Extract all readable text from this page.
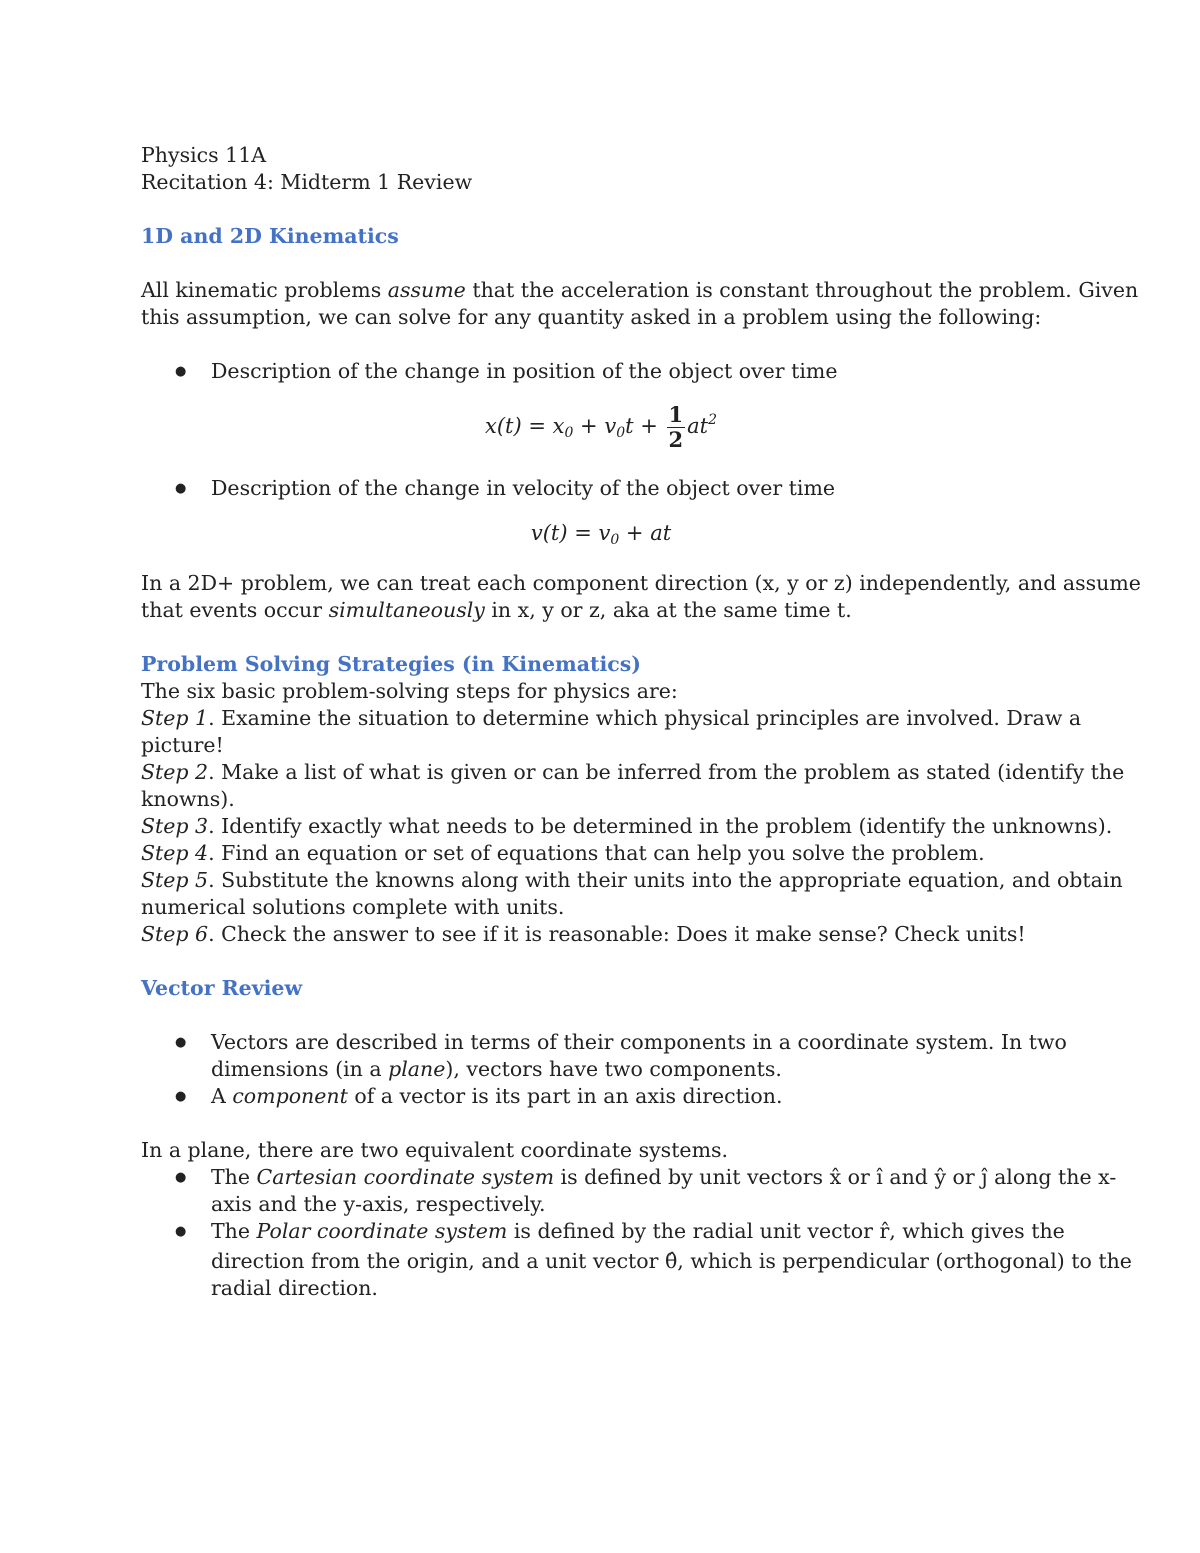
Physics 11A

Recitation 4: Midterm 1 Review

1D and 2D Kinematics

All kinematic problems assume that the acceleration is constant throughout the problem. Given

this assumption, we can solve for any quantity asked in a problem using the following:

● Description of the change in position of the object over time
$x(t) = x_0 + v_0t + \frac{1}{2} at^2$
● Description of the change in velocity of the object over time
$v(t) = v_0$ + at

In a 2D+ problem, we can treat each component direction (x, y or z) independently, and assume

that events occur simultaneously in x, y or z, aka at the same time t.

Problem Solving Strategies (in Kinematics)

The six basic problem-solving steps for physics are:

Step 1. Examine the situation to determine which physical principles are involved. Draw a

picture!

Step 2. Make a list of what is given or can be inferred from the problem as stated (identify the

knowns).

Step 3. Identify exactly what needs to be determined in the problem (identify the unknowns).

Step 4. Find an equation or set of equations that can help you solve the problem.

Step 5. Substitute the knowns along with their units into the appropriate equation, and obtain

numerical solutions complete with units.

Step 6. Check the answer to see if it is reasonable: Does it make sense? Check units!

Vector Review

● Vectors are described in terms of their components in a coordinate system. In two
dimensions (in a plane), vectors have two components.
● A component of a vector is its part in an axis direction.

In a plane, there are two equivalent coordinate systems.

● The Cartesian coordinate system is defined by unit vectors x̂ or ı̂ and ŷ or ȷ̂ along the x-
axis and the y-axis, respectively.
● The Polar coordinate system is defined by the radial unit vector r̂, which gives the
direction from the origin, and a unit vector θ̂, which is perpendicular (orthogonal) to the
radial direction.
